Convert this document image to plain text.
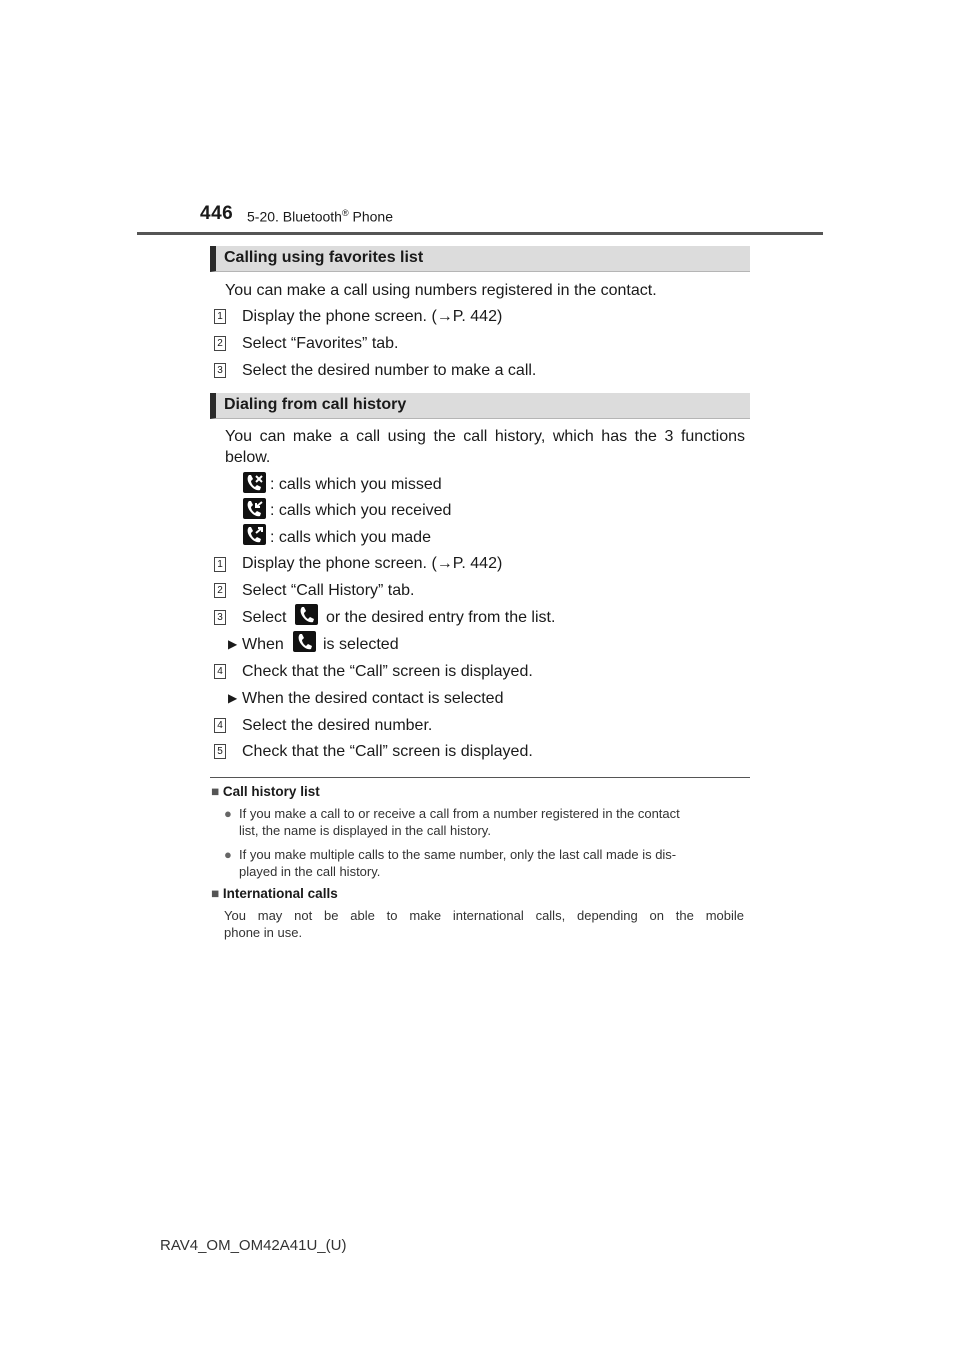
446 5-20. Bluetooth® Phone
Calling using favorites list
You can make a call using numbers registered in the contact.
1 Display the phone screen. (→P. 442)
2 Select “Favorites” tab.
3 Select the desired number to make a call.
Dialing from call history
You can make a call using the call history, which has the 3 functions
below.
: calls which you missed
: calls which you received
: calls which you made
1 Display the phone screen. (→P. 442)
2 Select “Call History” tab.
3 Select or the desired entry from the list.
▶ When is selected
4 Check that the “Call” screen is displayed.
▶ When the desired contact is selected
4 Select the desired number.
5 Check that the “Call” screen is displayed.
■ Call history list
● If you make a call to or receive a call from a number registered in the contact
list, the name is displayed in the call history.
● If you make multiple calls to the same number, only the last call made is dis-
played in the call history.
■ International calls
You may not be able to make international calls, depending on the mobile
phone in use.
RAV4_OM_OM42A41U_(U)
